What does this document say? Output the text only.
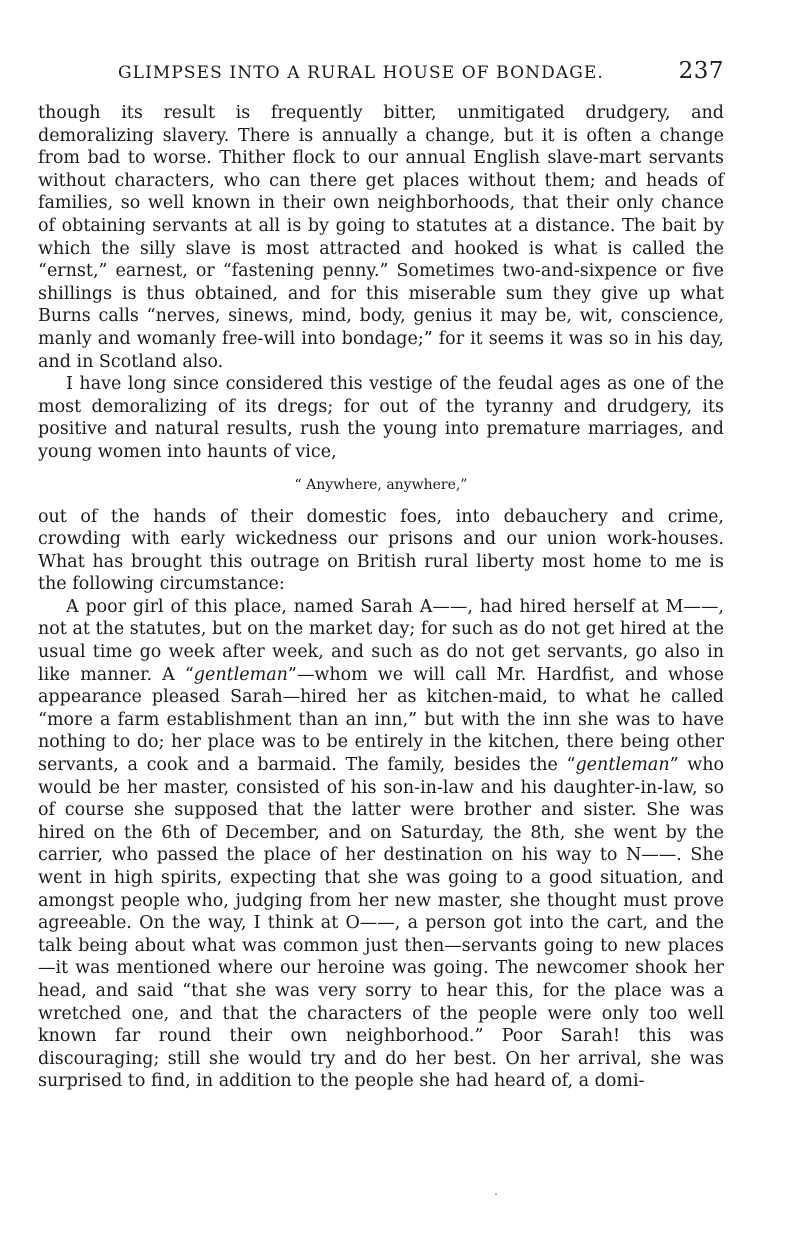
GLIMPSES INTO A RURAL HOUSE OF BONDAGE.	237

though its result is frequently bitter, unmitigated drudgery, and demoralizing slavery. There is annually a change, but it is often a change from bad to worse. Thither flock to our annual English slave-mart servants without characters, who can there get places without them; and heads of families, so well known in their own neighborhoods, that their only chance of obtaining servants at all is by going to statutes at a distance. The bait by which the silly slave is most attracted and hooked is what is called the “ernst,” earnest, or “fastening penny.” Sometimes two-and-sixpence or five shillings is thus obtained, and for this miserable sum they give up what Burns calls “nerves, sinews, mind, body, genius it may be, wit, conscience, manly and womanly free-will into bondage;” for it seems it was so in his day, and in Scotland also.

I have long since considered this vestige of the feudal ages as one of the most demoralizing of its dregs; for out of the tyranny and drudgery, its positive and natural results, rush the young into premature marriages, and young women into haunts of vice,

“ Anywhere, anywhere,”

out of the hands of their domestic foes, into debauchery and crime, crowding with early wickedness our prisons and our union work-houses. What has brought this outrage on British rural liberty most home to me is the following circumstance:

A poor girl of this place, named Sarah A——, had hired herself at M——, not at the statutes, but on the market day; for such as do not get hired at the usual time go week after week, and such as do not get servants, go also in like manner. A “gentleman”—whom we will call Mr. Hardfist, and whose appearance pleased Sarah—hired her as kitchen-maid, to what he called “more a farm establishment than an inn,” but with the inn she was to have nothing to do; her place was to be entirely in the kitchen, there being other servants, a cook and a barmaid. The family, besides the “gentleman” who would be her master, consisted of his son-in-law and his daughter-in-law, so of course she supposed that the latter were brother and sister. She was hired on the 6th of December, and on Saturday, the 8th, she went by the carrier, who passed the place of her destination on his way to N——. She went in high spirits, expecting that she was going to a good situation, and amongst people who, judging from her new master, she thought must prove agreeable. On the way, I think at O——, a person got into the cart, and the talk being about what was common just then—servants going to new places—it was mentioned where our heroine was going. The newcomer shook her head, and said “that she was very sorry to hear this, for the place was a wretched one, and that the characters of the people were only too well known far round their own neighborhood.” Poor Sarah! this was discouraging; still she would try and do her best. On her arrival, she was surprised to find, in addition to the people she had heard of, a domi-
